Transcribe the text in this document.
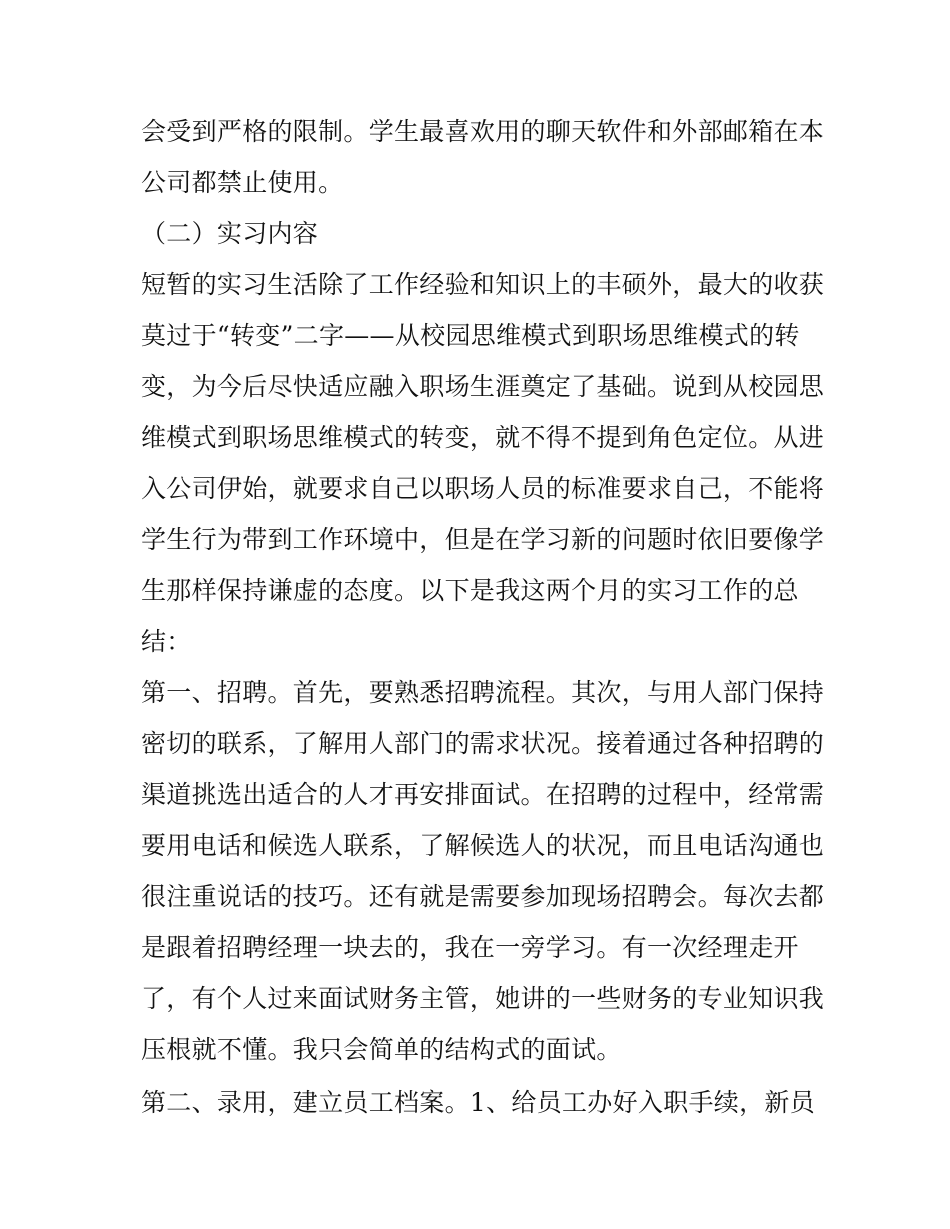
会受到严格的限制。学生最喜欢用的聊天软件和外部邮箱在本
公司都禁止使用。
（二）实习内容
短暂的实习生活除了工作经验和知识上的丰硕外，最大的收获
莫过于“转变”二字——从校园思维模式到职场思维模式的转
变，为今后尽快适应融入职场生涯奠定了基础。说到从校园思
维模式到职场思维模式的转变，就不得不提到角色定位。从进
入公司伊始，就要求自己以职场人员的标准要求自己，不能将
学生行为带到工作环境中，但是在学习新的问题时依旧要像学
生那样保持谦虚的态度。以下是我这两个月的实习工作的总
结：
第一、招聘。首先，要熟悉招聘流程。其次，与用人部门保持
密切的联系，了解用人部门的需求状况。接着通过各种招聘的
渠道挑选出适合的人才再安排面试。在招聘的过程中，经常需
要用电话和候选人联系，了解候选人的状况，而且电话沟通也
很注重说话的技巧。还有就是需要参加现场招聘会。每次去都
是跟着招聘经理一块去的，我在一旁学习。有一次经理走开
了，有个人过来面试财务主管，她讲的一些财务的专业知识我
压根就不懂。我只会简单的结构式的面试。
第二、录用，建立员工档案。1、给员工办好入职手续，新员
